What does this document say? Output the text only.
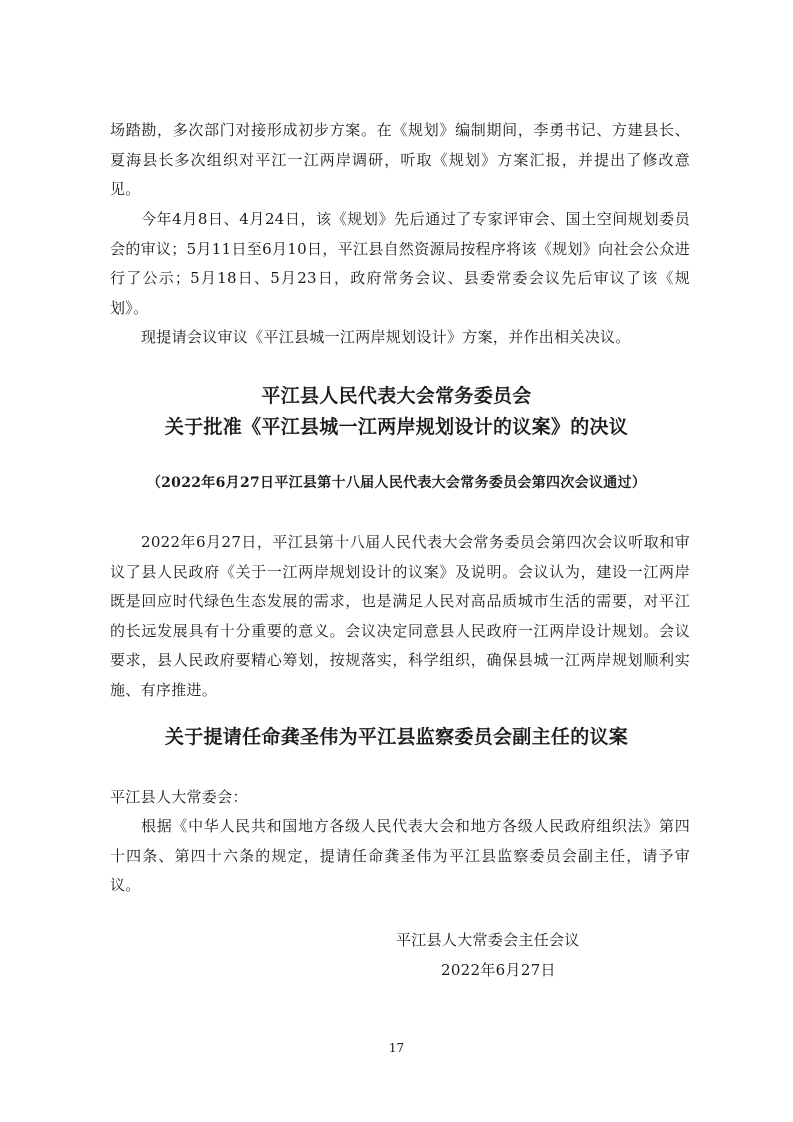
场踏勘，多次部门对接形成初步方案。在《规划》编制期间，李勇书记、方建县长、夏海县长多次组织对平江一江两岸调研，听取《规划》方案汇报，并提出了修改意见。

今年4月8日、4月24日，该《规划》先后通过了专家评审会、国土空间规划委员会的审议；5月11日至6月10日，平江县自然资源局按程序将该《规划》向社会公众进行了公示；5月18日、5月23日，政府常务会议、县委常委会议先后审议了该《规划》。

现提请会议审议《平江县城一江两岸规划设计》方案，并作出相关决议。

平江县人民代表大会常务委员会
关于批准《平江县城一江两岸规划设计的议案》的决议

（2022年6月27日平江县第十八届人民代表大会常务委员会第四次会议通过）

2022年6月27日，平江县第十八届人民代表大会常务委员会第四次会议听取和审议了县人民政府《关于一江两岸规划设计的议案》及说明。会议认为，建设一江两岸既是回应时代绿色生态发展的需求，也是满足人民对高品质城市生活的需要，对平江的长远发展具有十分重要的意义。会议决定同意县人民政府一江两岸设计规划。会议要求，县人民政府要精心筹划，按规落实，科学组织，确保县城一江两岸规划顺利实施、有序推进。

关于提请任命龚圣伟为平江县监察委员会副主任的议案

平江县人大常委会：

根据《中华人民共和国地方各级人民代表大会和地方各级人民政府组织法》第四十四条、第四十六条的规定，提请任命龚圣伟为平江县监察委员会副主任，请予审议。

平江县人大常委会主任会议

2022年6月27日

17
